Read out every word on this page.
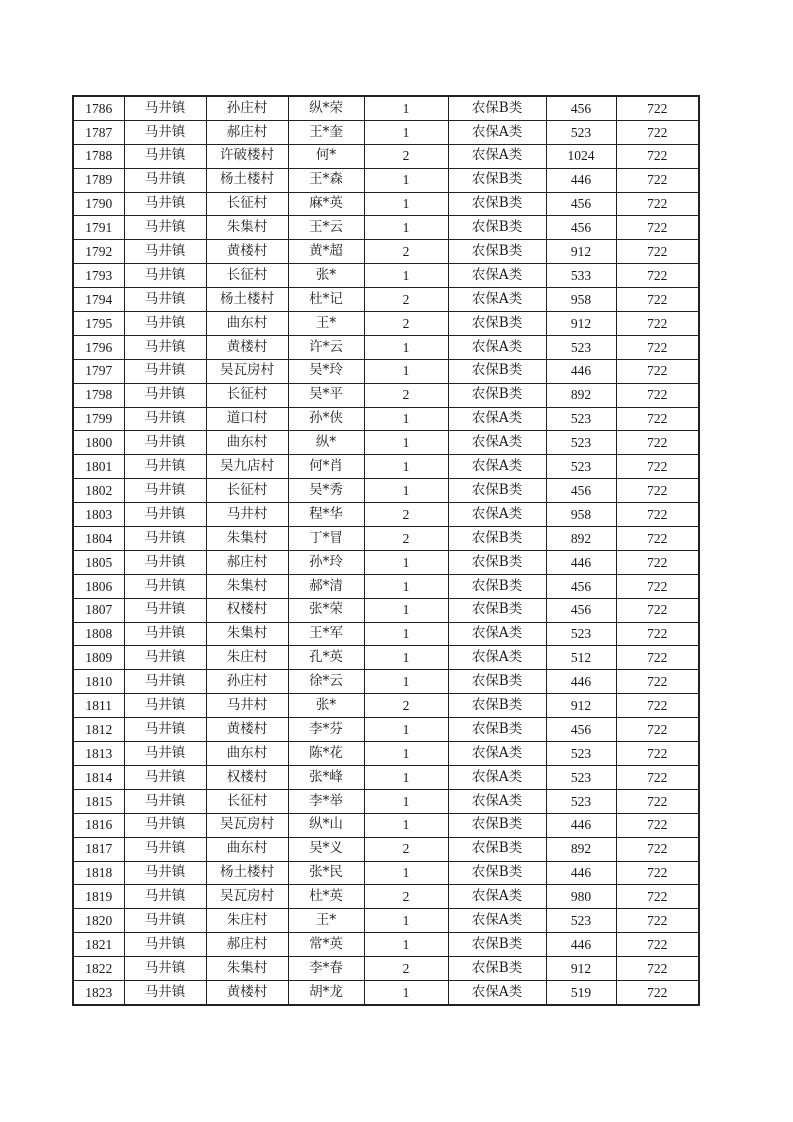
1786	马井镇	孙庄村	纵*荣	1	农保B类	456	722
1787	马井镇	郝庄村	王*奎	1	农保A类	523	722
1788	马井镇	许破楼村	何*	2	农保A类	1024	722
1789	马井镇	杨土楼村	王*森	1	农保B类	446	722
1790	马井镇	长征村	麻*英	1	农保B类	456	722
1791	马井镇	朱集村	王*云	1	农保B类	456	722
1792	马井镇	黄楼村	黄*超	2	农保B类	912	722
1793	马井镇	长征村	张*	1	农保A类	533	722
1794	马井镇	杨土楼村	杜*记	2	农保A类	958	722
1795	马井镇	曲东村	王*	2	农保B类	912	722
1796	马井镇	黄楼村	许*云	1	农保A类	523	722
1797	马井镇	吴瓦房村	吴*玲	1	农保B类	446	722
1798	马井镇	长征村	吴*平	2	农保B类	892	722
1799	马井镇	道口村	孙*侠	1	农保A类	523	722
1800	马井镇	曲东村	纵*	1	农保A类	523	722
1801	马井镇	吴九店村	何*肖	1	农保A类	523	722
1802	马井镇	长征村	吴*秀	1	农保B类	456	722
1803	马井镇	马井村	程*华	2	农保A类	958	722
1804	马井镇	朱集村	丁*冒	2	农保B类	892	722
1805	马井镇	郝庄村	孙*玲	1	农保B类	446	722
1806	马井镇	朱集村	郝*清	1	农保B类	456	722
1807	马井镇	权楼村	张*荣	1	农保B类	456	722
1808	马井镇	朱集村	王*军	1	农保A类	523	722
1809	马井镇	朱庄村	孔*英	1	农保A类	512	722
1810	马井镇	孙庄村	徐*云	1	农保B类	446	722
1811	马井镇	马井村	张*	2	农保B类	912	722
1812	马井镇	黄楼村	李*芬	1	农保B类	456	722
1813	马井镇	曲东村	陈*花	1	农保A类	523	722
1814	马井镇	权楼村	张*峰	1	农保A类	523	722
1815	马井镇	长征村	李*举	1	农保A类	523	722
1816	马井镇	吴瓦房村	纵*山	1	农保B类	446	722
1817	马井镇	曲东村	吴*义	2	农保B类	892	722
1818	马井镇	杨土楼村	张*民	1	农保B类	446	722
1819	马井镇	吴瓦房村	杜*英	2	农保A类	980	722
1820	马井镇	朱庄村	王*	1	农保A类	523	722
1821	马井镇	郝庄村	常*英	1	农保B类	446	722
1822	马井镇	朱集村	李*春	2	农保B类	912	722
1823	马井镇	黄楼村	胡*龙	1	农保A类	519	722
